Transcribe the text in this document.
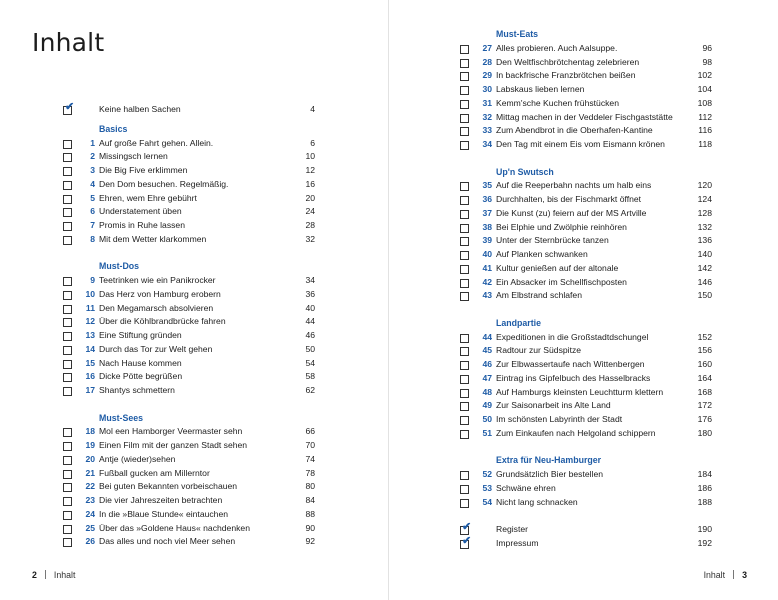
Inhalt
✔	Keine halben Sachen	4
Basics
1 Auf große Fahrt gehen. Allein.	6
2 Missingsch lernen	10
3 Die Big Five erklimmen	12
4 Den Dom besuchen. Regelmäßig.	16
5 Ehren, wem Ehre gebührt	20
6 Understatement üben	24
7 Promis in Ruhe lassen	28
8 Mit dem Wetter klarkommen	32
Must-Dos
9 Teetrinken wie ein Panikrocker	34
10 Das Herz von Hamburg erobern	36
11 Den Megamarsch absolvieren	40
12 Über die Köhlbrandbrücke fahren	44
13 Eine Stiftung gründen	46
14 Durch das Tor zur Welt gehen	50
15 Nach Hause kommen	54
16 Dicke Pötte begrüßen	58
17 Shantys schmettern	62
Must-Sees
18 Mol een Hamborger Veermaster sehn	66
19 Einen Film mit der ganzen Stadt sehen	70
20 Antje (wieder)sehen	74
21 Fußball gucken am Millerntor	78
22 Bei guten Bekannten vorbeischauen	80
23 Die vier Jahreszeiten betrachten	84
24 In die »Blaue Stunde« eintauchen	88
25 Über das »Goldene Haus« nachdenken	90
26 Das alles und noch viel Meer sehen	92
Must-Eats
27 Alles probieren. Auch Aalsuppe.	96
28 Den Weltfischbrötchentag zelebrieren	98
29 In backfrische Franzbrötchen beißen	102
30 Labskaus lieben lernen	104
31 Kemm'sche Kuchen frühstücken	108
32 Mittag machen in der Veddeler Fischgaststätte	112
33 Zum Abendbrot in die Oberhafen-Kantine	116
34 Den Tag mit einem Eis vom Eismann krönen	118
Up'n Swutsch
35 Auf die Reeperbahn nachts um halb eins	120
36 Durchhalten, bis der Fischmarkt öffnet	124
37 Die Kunst (zu) feiern auf der MS Artville	128
38 Bei Elphie und Zwölphie reinhören	132
39 Unter der Sternbrücke tanzen	136
40 Auf Planken schwanken	140
41 Kultur genießen auf der altonale	142
42 Ein Absacker im Schellfischposten	146
43 Am Elbstrand schlafen	150
Landpartie
44 Expeditionen in die Großstadtdschungel	152
45 Radtour zur Südspitze	156
46 Zur Elbwassertaufe nach Wittenbergen	160
47 Eintrag ins Gipfelbuch des Hasselbracks	164
48 Auf Hamburgs kleinsten Leuchtturm klettern	168
49 Zur Saisonarbeit ins Alte Land	172
50 Im schönsten Labyrinth der Stadt	176
51 Zum Einkaufen nach Helgoland schippern	180
Extra für Neu-Hamburger
52 Grundsätzlich Bier bestellen	184
53 Schwäne ehren	186
54 Nicht lang schnacken	188
✔	Register	190
✔	Impressum	192
2 Inhalt	Inhalt 3
